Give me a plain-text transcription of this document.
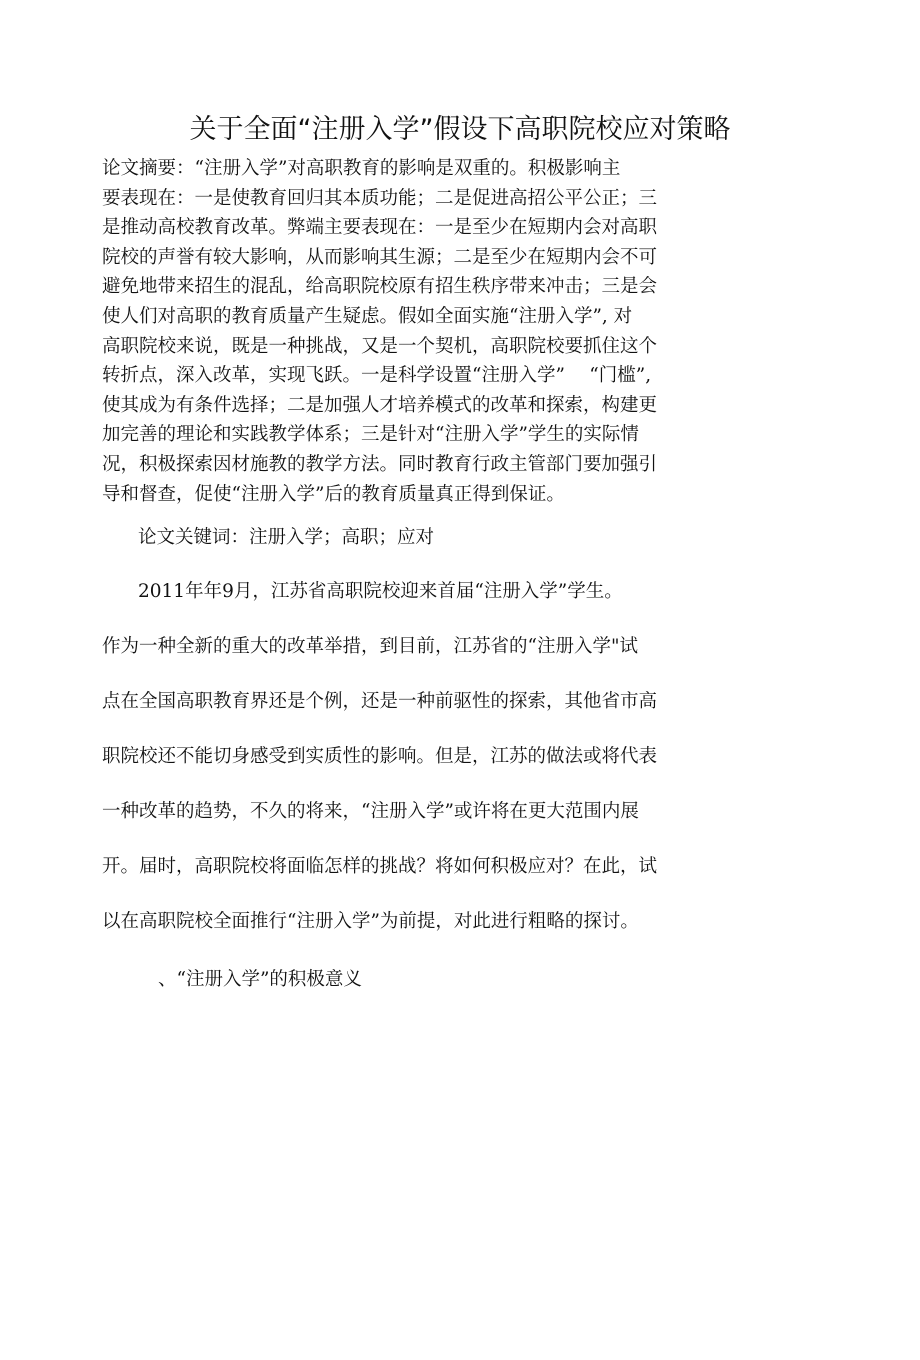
关于全面“注册入学”假设下高职院校应对策略
论文摘要：“注册入学”对高职教育的影响是双重的。积极影响主
要表现在：一是使教育回归其本质功能；二是促进高招公平公正；三
是推动高校教育改革。弊端主要表现在：一是至少在短期内会对高职
院校的声誉有较大影响，从而影响其生源；二是至少在短期内会不可
避免地带来招生的混乱，给高职院校原有招生秩序带来冲击；三是会
使人们对高职的教育质量产生疑虑。假如全面实施“注册入学”, 对
高职院校来说，既是一种挑战，又是一个契机，高职院校要抓住这个
转折点，深入改革，实现飞跃。一是科学设置“注册入学”　 “门槛”,
使其成为有条件选择；二是加强人才培养模式的改革和探索，构建更
加完善的理论和实践教学体系；三是针对“注册入学”学生的实际情
况，积极探索因材施教的教学方法。同时教育行政主管部门要加强引
导和督查，促使“注册入学”后的教育质量真正得到保证。
论文关键词：注册入学；高职；应对
2011年年9月，江苏省高职院校迎来首届“注册入学”学生。
作为一种全新的重大的改革举措，到目前，江苏省的“注册入学"试
点在全国高职教育界还是个例，还是一种前驱性的探索，其他省市高
职院校还不能切身感受到实质性的影响。但是，江苏的做法或将代表
一种改革的趋势，不久的将来，“注册入学”或许将在更大范围内展
开。届时，高职院校将面临怎样的挑战？将如何积极应对？在此，试
以在高职院校全面推行“注册入学”为前提，对此进行粗略的探讨。
、“注册入学”的积极意义
